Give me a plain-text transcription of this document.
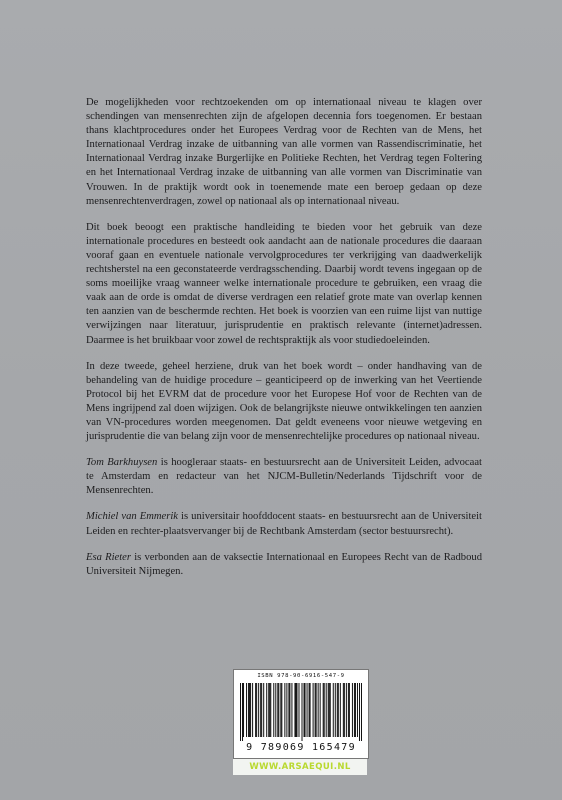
De mogelijkheden voor rechtzoekenden om op internationaal niveau te klagen over schendingen van mensenrechten zijn de afgelopen decennia fors toegenomen. Er bestaan thans klachtprocedures onder het Europees Verdrag voor de Rechten van de Mens, het Internationaal Verdrag inzake de uitbanning van alle vormen van Rassendiscriminatie, het Internationaal Verdrag inzake Burgerlijke en Politieke Rechten, het Verdrag tegen Foltering en het Internationaal Verdrag inzake de uitbanning van alle vormen van Discriminatie van Vrouwen. In de praktijk wordt ook in toenemende mate een beroep gedaan op deze mensenrechtenverdragen, zowel op nationaal als op internationaal niveau.

Dit boek beoogt een praktische handleiding te bieden voor het gebruik van deze internationale procedures en besteedt ook aandacht aan de nationale procedures die daaraan vooraf gaan en eventuele nationale vervolgprocedures ter verkrijging van daadwerkelijk rechtsherstel na een geconstateerde verdragsschending. Daarbij wordt tevens ingegaan op de soms moeilijke vraag wanneer welke internationale procedure te gebruiken, een vraag die vaak aan de orde is omdat de diverse verdragen een relatief grote mate van overlap kennen ten aanzien van de beschermde rechten. Het boek is voorzien van een ruime lijst van nuttige verwijzingen naar literatuur, jurisprudentie en praktisch relevante (internet)adressen. Daarmee is het bruikbaar voor zowel de rechtspraktijk als voor studiedoeleinden.

In deze tweede, geheel herziene, druk van het boek wordt – onder handhaving van de behandeling van de huidige procedure – geanticipeerd op de inwerking van het Veertiende Protocol bij het EVRM dat de procedure voor het Europese Hof voor de Rechten van de Mens ingrijpend zal doen wijzigen. Ook de belangrijkste nieuwe ontwikkelingen ten aanzien van VN-procedures worden meegenomen. Dat geldt eveneens voor nieuwe wetgeving en jurisprudentie die van belang zijn voor de mensenrechtelijke procedures op nationaal niveau.

Tom Barkhuysen is hoogleraar staats- en bestuursrecht aan de Universiteit Leiden, advocaat te Amsterdam en redacteur van het NJCM-Bulletin/Nederlands Tijdschrift voor de Mensenrechten.

Michiel van Emmerik is universitair hoofddocent staats- en bestuursrecht aan de Universiteit Leiden en rechter-plaatsvervanger bij de Rechtbank Amsterdam (sector bestuursrecht).

Esa Rieter is verbonden aan de vaksectie Internationaal en Europees Recht van de Radboud Universiteit Nijmegen.

ISBN 978-90-6916-547-9
9 789069 165479
WWW.ARSAEQUI.NL
